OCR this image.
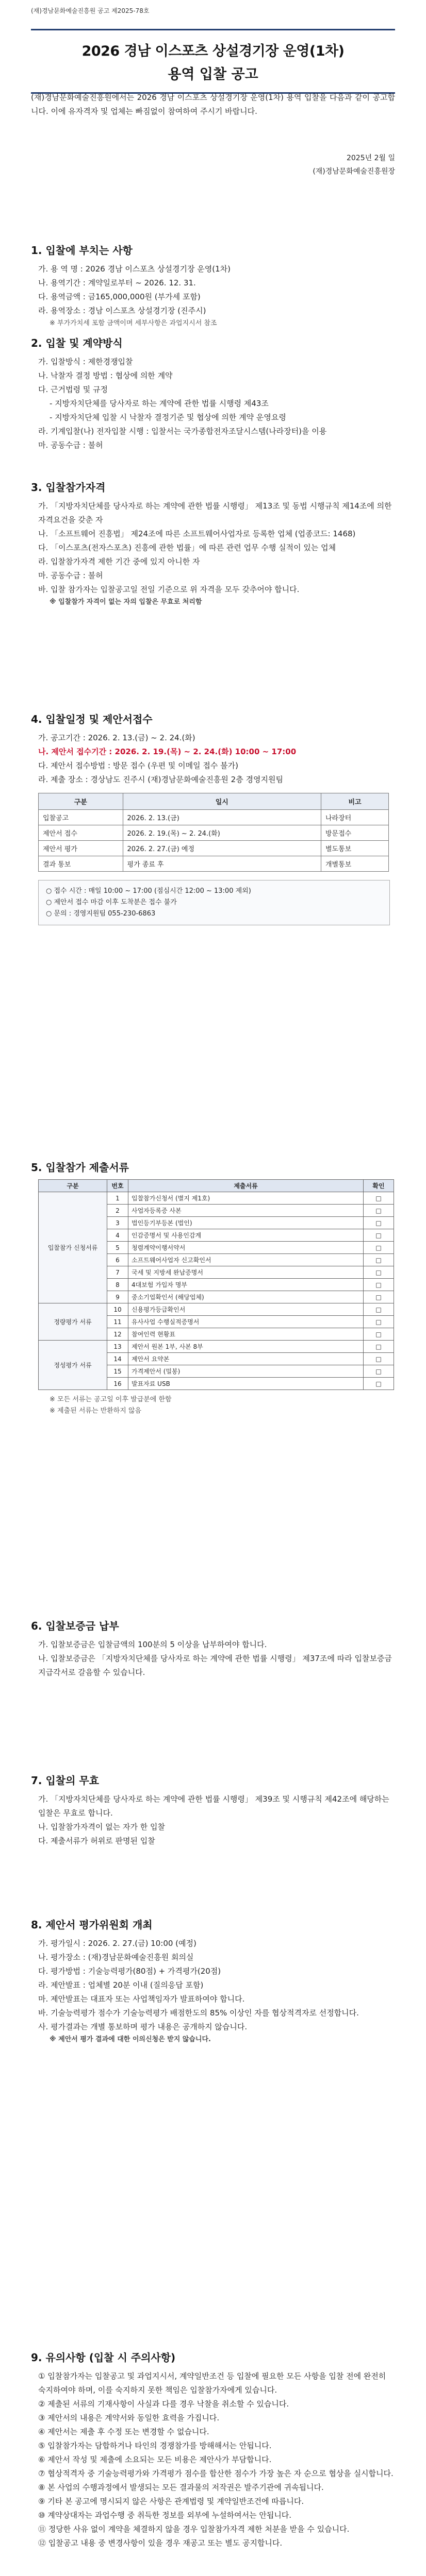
(재)경남문화예술진흥원 공고 제2025-78호
2026 경남 이스포츠 상설경기장 운영(1차)
용역 입찰 공고
(재)경남문화예술진흥원에서는 2026 경남 이스포츠 상설경기장 운영(1차) 용역 입찰을 다음과 같이 공고합니다. 이에 유자격자 및 업체는 빠짐없이 참여하여 주시기 바랍니다.
2025년 2월 일
(재)경남문화예술진흥원장
1. 입찰에 부치는 사항
가. 용 역 명 : 2026 경남 이스포츠 상설경기장 운영(1차)
나. 용역기간 : 계약일로부터 ~ 2026. 12. 31.
다. 용역금액 : 금165,000,000원 (부가세 포함)
라. 용역장소 : 경남 이스포츠 상설경기장 (진주시)
※ 부가가치세 포함 금액이며 세부사항은 과업지시서 참조
2. 입찰 및 계약방식
가. 입찰방식 : 제한경쟁입찰
나. 낙찰자 결정 방법 : 협상에 의한 계약
다. 근거법령 및 규정
- 지방자치단체를 당사자로 하는 계약에 관한 법률 시행령 제43조
- 지방자치단체 입찰 시 낙찰자 결정기준 및 협상에 의한 계약 운영요령
라. 기계입찰(나) 전자입찰 시행 : 입찰서는 국가종합전자조달시스템(나라장터)을 이용
마. 공동수급 : 불허
3. 입찰참가자격
가. 「지방자치단체를 당사자로 하는 계약에 관한 법률 시행령」 제13조 및 동법 시행규칙 제14조에 의한 자격요건을 갖춘 자
나. 「소프트웨어 진흥법」 제24조에 따른 소프트웨어사업자로 등록한 업체 (업종코드: 1468)
다. 「이스포츠(전자스포츠) 진흥에 관한 법률」에 따른 관련 업무 수행 실적이 있는 업체
라. 입찰참가자격 제한 기간 중에 있지 아니한 자
마. 공동수급 : 불허
바. 입찰 참가자는 입찰공고일 전일 기준으로 위 자격을 모두 갖추어야 합니다.
※ 입찰참가 자격이 없는 자의 입찰은 무효로 처리함
4. 입찰일정 및 제안서접수
가. 공고기간 : 2026. 2. 13.(금) ~ 2. 24.(화)
나. 제안서 접수기간 : 2026. 2. 19.(목) ~ 2. 24.(화) 10:00 ~ 17:00
다. 제안서 접수방법 : 방문 접수 (우편 및 이메일 접수 불가)
라. 제출 장소 : 경상남도 진주시 (재)경남문화예술진흥원 2층 경영지원팀
구분	일시	비고
입찰공고	2026. 2. 13.(금)	나라장터
제안서 접수	2026. 2. 19.(목) ~ 2. 24.(화)	방문접수
제안서 평가	2026. 2. 27.(금) 예정	별도통보
결과 통보	평가 종료 후	개별통보
○ 접수 시간 : 매일 10:00 ~ 17:00 (점심시간 12:00 ~ 13:00 제외)
○ 제안서 접수 마감 이후 도착분은 접수 불가
○ 문의 : 경영지원팀 055-230-6863
5. 입찰참가 제출서류
구분	번호	제출서류	확인
입찰참가 신청서류	1	입찰참가신청서 (별지 제1호)	□
	2	사업자등록증 사본	□
	3	법인등기부등본 (법인)	□
	4	인감증명서 및 사용인감계	□
	5	청렴계약이행서약서	□
	6	소프트웨어사업자 신고확인서	□
	7	국세 및 지방세 완납증명서	□
	8	4대보험 가입자 명부	□
	9	중소기업확인서 (해당업체)	□
정량평가 서류	10	신용평가등급확인서	□
	11	유사사업 수행실적증명서	□
	12	참여인력 현황표	□
정성평가 서류	13	제안서 원본 1부, 사본 8부	□
	14	제안서 요약본	□
	15	가격제안서 (밀봉)	□
	16	발표자료 USB	□
※ 모든 서류는 공고일 이후 발급분에 한함
※ 제출된 서류는 반환하지 않음
6. 입찰보증금 납부
가. 입찰보증금은 입찰금액의 100분의 5 이상을 납부하여야 합니다.
나. 입찰보증금은 「지방자치단체를 당사자로 하는 계약에 관한 법률 시행령」 제37조에 따라 입찰보증금 지급각서로 갈음할 수 있습니다.
7. 입찰의 무효
가. 「지방자치단체를 당사자로 하는 계약에 관한 법률 시행령」 제39조 및 시행규칙 제42조에 해당하는 입찰은 무효로 합니다.
나. 입찰참가자격이 없는 자가 한 입찰
다. 제출서류가 허위로 판명된 입찰
8. 제안서 평가위원회 개최
가. 평가일시 : 2026. 2. 27.(금) 10:00 (예정)
나. 평가장소 : (재)경남문화예술진흥원 회의실
다. 평가방법 : 기술능력평가(80점) + 가격평가(20점)
라. 제안발표 : 업체별 20분 이내 (질의응답 포함)
마. 제안발표는 대표자 또는 사업책임자가 발표하여야 합니다.
바. 기술능력평가 점수가 기술능력평가 배점한도의 85% 이상인 자를 협상적격자로 선정합니다.
사. 평가결과는 개별 통보하며 평가 내용은 공개하지 않습니다.
※ 제안서 평가 결과에 대한 이의신청은 받지 않습니다.
9. 유의사항 (입찰 시 주의사항)
① 입찰참가자는 입찰공고 및 과업지시서, 계약일반조건 등 입찰에 필요한 모든 사항을 입찰 전에 완전히 숙지하여야 하며, 이를 숙지하지 못한 책임은 입찰참가자에게 있습니다.
② 제출된 서류의 기재사항이 사실과 다를 경우 낙찰을 취소할 수 있습니다.
③ 제안서의 내용은 계약서와 동일한 효력을 가집니다.
④ 제안서는 제출 후 수정 또는 변경할 수 없습니다.
⑤ 입찰참가자는 담합하거나 타인의 경쟁참가를 방해해서는 안됩니다.
⑥ 제안서 작성 및 제출에 소요되는 모든 비용은 제안사가 부담합니다.
⑦ 협상적격자 중 기술능력평가와 가격평가 점수를 합산한 점수가 가장 높은 자 순으로 협상을 실시합니다.
⑧ 본 사업의 수행과정에서 발생되는 모든 결과물의 저작권은 발주기관에 귀속됩니다.
⑨ 기타 본 공고에 명시되지 않은 사항은 관계법령 및 계약일반조건에 따릅니다.
⑩ 계약상대자는 과업수행 중 취득한 정보를 외부에 누설하여서는 안됩니다.
⑪ 정당한 사유 없이 계약을 체결하지 않을 경우 입찰참가자격 제한 처분을 받을 수 있습니다.
⑫ 입찰공고 내용 중 변경사항이 있을 경우 재공고 또는 별도 공지합니다.
